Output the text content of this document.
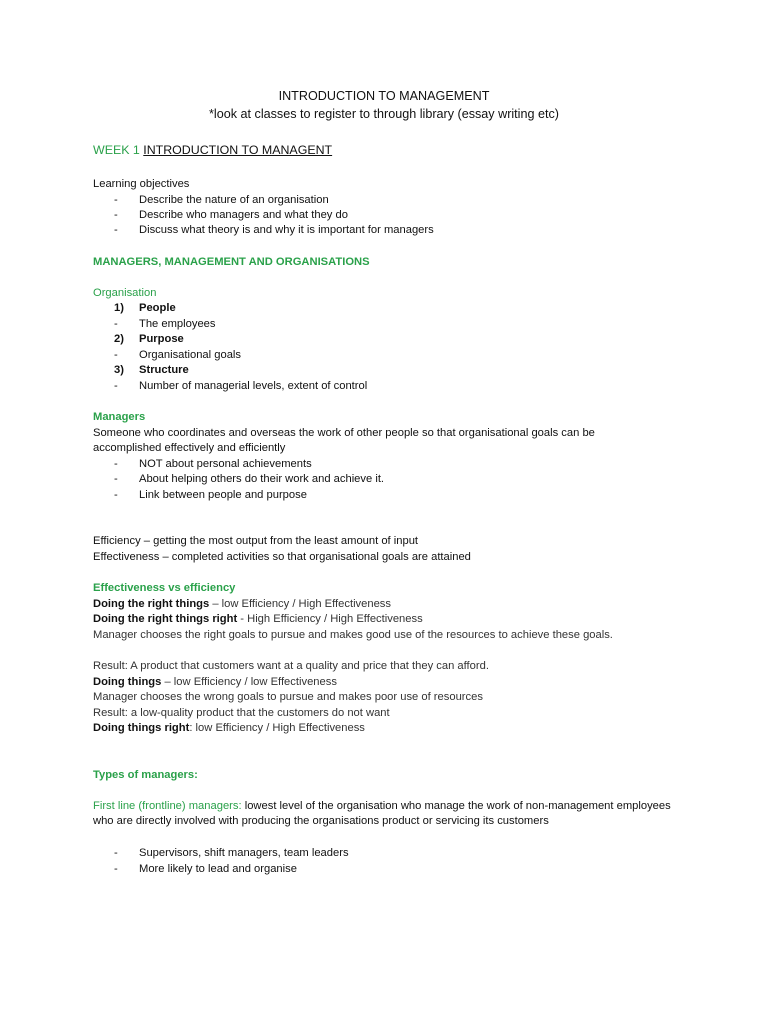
INTRODUCTION TO MANAGEMENT
*look at classes to register to through library (essay writing etc)
WEEK 1 INTRODUCTION TO MANAGENT
Learning objectives
- Describe the nature of an organisation
- Describe who managers and what they do
- Discuss what theory is and why it is important for managers
MANAGERS, MANAGEMENT AND ORGANISATIONS
Organisation
1) People
- The employees
2) Purpose
- Organisational goals
3) Structure
- Number of managerial levels, extent of control
Managers
Someone who coordinates and overseas the work of other people so that organisational goals can be accomplished effectively and efficiently
- NOT about personal achievements
- About helping others do their work and achieve it.
- Link between people and purpose
Efficiency – getting the most output from the least amount of input
Effectiveness – completed activities so that organisational goals are attained
Effectiveness vs efficiency
Doing the right things – low Efficiency / High Effectiveness
Doing the right things right - High Efficiency / High Effectiveness
Manager chooses the right goals to pursue and makes good use of the resources to achieve these goals.
Result: A product that customers want at a quality and price that they can afford.
Doing things – low Efficiency / low Effectiveness
Manager chooses the wrong goals to pursue and makes poor use of resources
Result: a low-quality product that the customers do not want
Doing things right: low Efficiency / High Effectiveness
Types of managers:
First line (frontline) managers: lowest level of the organisation who manage the work of non-management employees who are directly involved with producing the organisations product or servicing its customers
- Supervisors, shift managers, team leaders
- More likely to lead and organise
